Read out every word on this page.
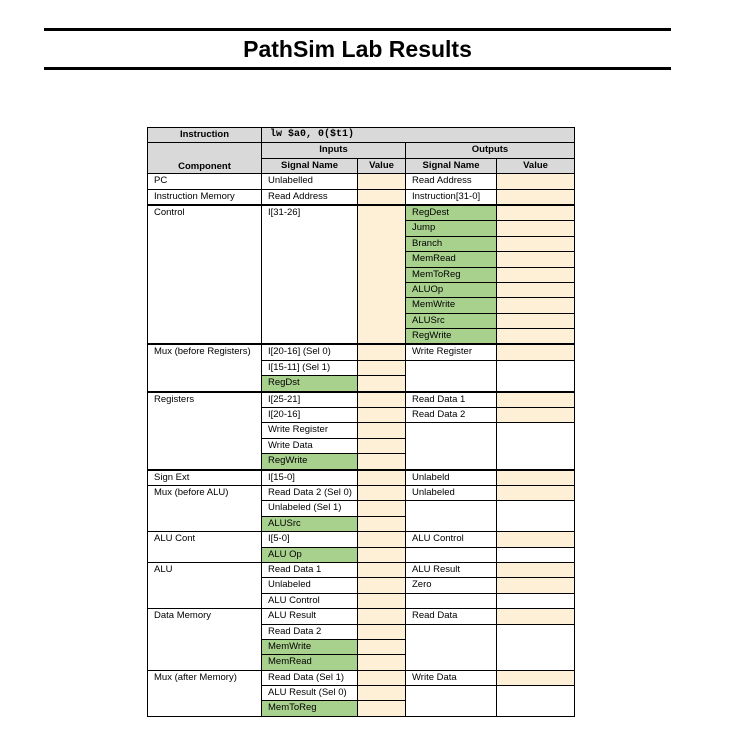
PathSim Lab Results
Instruction	lw $a0, 0($t1)			
Component	Inputs		Outputs	
	Signal Name	Value	Signal Name	Value
PC	Unlabelled		Read Address	
Instruction Memory	Read Address		Instruction[31-0]	
Control	I[31-26]		RegDest	
			Jump	
			Branch	
			MemRead	
			MemToReg	
			ALUOp	
			MemWrite	
			ALUSrc	
			RegWrite	
Mux (before Registers)	I[20-16] (Sel 0)		Write Register	
	I[15-11] (Sel 1)			
	RegDst			
Registers	I[25-21]		Read Data 1	
	I[20-16]		Read Data 2	
	Write Register			
	Write Data			
	RegWrite			
Sign Ext	I[15-0]		Unlabeld	
Mux (before ALU)	Read Data 2 (Sel 0)		Unlabeled	
	Unlabeled (Sel 1)			
	ALUSrc			
ALU Cont	I[5-0]		ALU Control	
	ALU Op			
ALU	Read Data 1		ALU Result	
	Unlabeled		Zero	
	ALU Control			
Data Memory	ALU Result		Read Data	
	Read Data 2			
	MemWrite			
	MemRead			
Mux (after Memory)	Read Data (Sel 1)		Write Data	
	ALU Result (Sel 0)			
	MemToReg			
